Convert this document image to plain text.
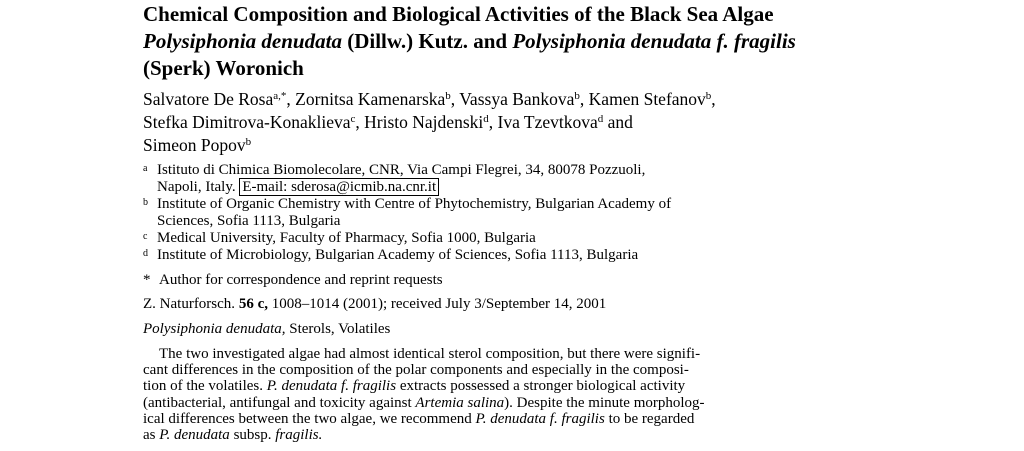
Chemical Composition and Biological Activities of the Black Sea Algae
Polysiphonia denudata (Dillw.) Kutz. and Polysiphonia denudata f. fragilis
(Sperk) Woronich
Salvatore De Rosa$^{a,*}$, Zornitsa Kamenarska$^b$, Vassya Bankova$^b$, Kamen Stefanov$^b$,
Stefka Dimitrova-Konaklieva$^c$, Hristo Najdenski$^d$, Iva Tzevtkova$^d$ and
Simeon Popov$^b$
a Istituto di Chimica Biomolecolare, CNR, Via Campi Flegrei, 34, 80078 Pozzuoli,
Napoli, Italy. E-mail: sderosa@icmib.na.cnr.it
b Institute of Organic Chemistry with Centre of Phytochemistry, Bulgarian Academy of
Sciences, Sofia 1113, Bulgaria
c Medical University, Faculty of Pharmacy, Sofia 1000, Bulgaria
d Institute of Microbiology, Bulgarian Academy of Sciences, Sofia 1113, Bulgaria
* Author for correspondence and reprint requests
Z. Naturforsch. 56 c, 1008–1014 (2001); received July 3/September 14, 2001
Polysiphonia denudata, Sterols, Volatiles
The two investigated algae had almost identical sterol composition, but there were signifi-
cant differences in the composition of the polar components and especially in the composi-
tion of the volatiles. P. denudata f. fragilis extracts possessed a stronger biological activity
(antibacterial, antifungal and toxicity against Artemia salina). Despite the minute morpholog-
ical differences between the two algae, we recommend P. denudata f. fragilis to be regarded
as P. denudata subsp. fragilis.
